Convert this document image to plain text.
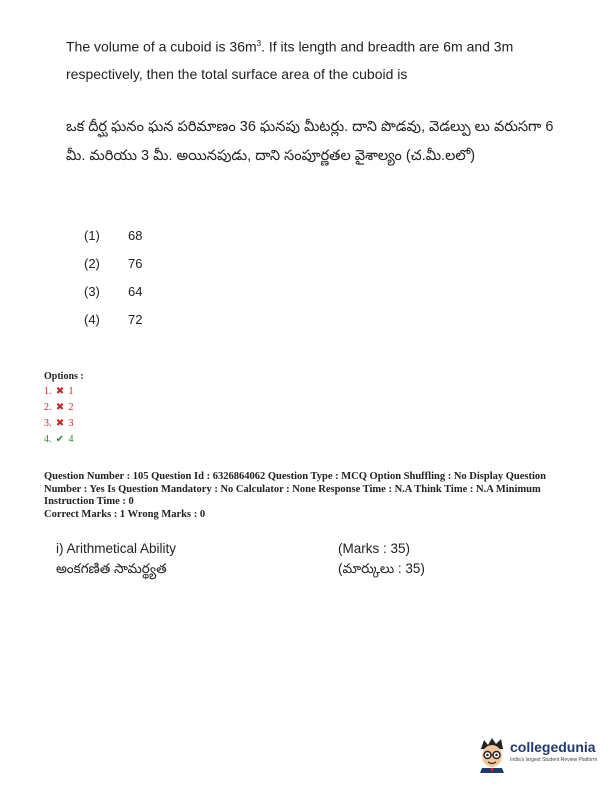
The volume of a cuboid is $36m^3$. If its length and breadth are 6m and 3m respectively, then the total surface area of the cuboid is
ఒక దీర్ఘ ఘనం ఘన పరిమాణం 36 ఘనపు మీటర్లు. దాని పొడవు, వెడల్పు లు వరుసగా 6 మీ. మరియు 3 మీ. అయినపుడు, దాని సంపూర్ణతల వైశాల్యం (చ.మీ.లలో)
(1)	68
(2)	76
(3)	64
(4)	72
Options :
1. ✖ 1
2. ✖ 2
3. ✖ 3
4. ✔ 4
Question Number : 105 Question Id : 6326864062 Question Type : MCQ Option Shuffling : No Display Question Number : Yes Is Question Mandatory : No Calculator : None Response Time : N.A Think Time : N.A Minimum Instruction Time : 0
Correct Marks : 1 Wrong Marks : 0
i) Arithmetical Ability	(Marks : 35)
అంకగణిత సామర్థ్యత	(మార్కులు : 35)
collegedunia
India's largest Student Review Platform
